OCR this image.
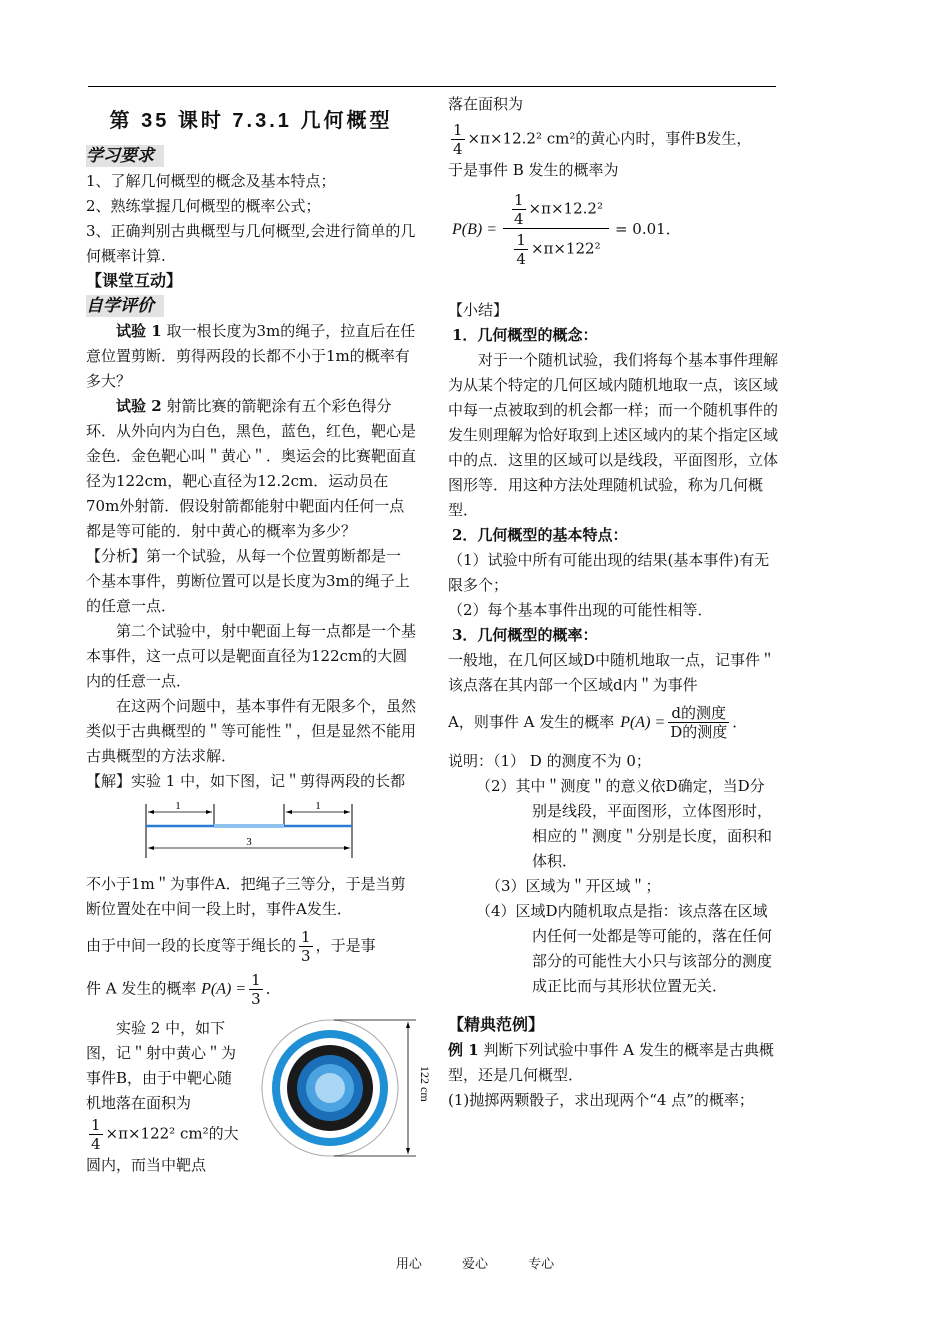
第 35 课时 7.3.1 几何概型
学习要求

1、了解几何概型的概念及基本特点；

2、熟练掌握几何概型的概率公式；

3、正确判别古典概型与几何概型,会进行简单的几何概率计算.

【课堂互动】

自学评价

试验 1 取一根长度为3m的绳子，拉直后在任意位置剪断．剪得两段的长都不小于1m的概率有多大？

试验 2 射箭比赛的箭靶涂有五个彩色得分环．从外向内为白色，黑色，蓝色，红色，靶心是金色．金色靶心叫＂黄心＂．奥运会的比赛靶面直径为122cm，靶心直径为12.2cm．运动员在70m外射箭．假设射箭都能射中靶面内任何一点都是等可能的．射中黄心的概率为多少？

【分析】第一个试验，从每一个位置剪断都是一个基本事件，剪断位置可以是长度为3m的绳子上的任意一点．

第二个试验中，射中靶面上每一点都是一个基本事件，这一点可以是靶面直径为122cm的大圆内的任意一点．

在这两个问题中，基本事件有无限多个，虽然类似于古典概型的＂等可能性＂，但是显然不能用古典概型的方法求解．

【解】实验 1 中，如下图，记＂剪得两段的长都

1	1
3

不小于1m＂为事件A．把绳子三等分，于是当剪断位置处在中间一段上时，事件A发生．

由于中间一段的长度等于绳长的 $\frac{1}{3}$ ，于是事

件 A 发生的概率 $P(A) = \frac{1}{3}$ ．

实验 2 中，如下图，记＂射中黄心＂为事件B，由于中靶心随机地落在面积为

$\frac{1}{4} \times\pi\times 122^2$ cm²的大圆内，而当中靶点

122 cm

落在面积为

$\frac{1}{4} \times\pi\times 12.2^2$ cm²的黄心内时，事件B发生，

于是事件 B 发生的概率为

$P(B) = \frac{\frac{1}{4} \times\pi\times 12.2^2}{\frac{1}{4} \times\pi\times 122^2} = 0.01$．

【小结】

1．几何概型的概念：

对于一个随机试验，我们将每个基本事件理解为从某个特定的几何区域内随机地取一点，该区域中每一点被取到的机会都一样；而一个随机事件的发生则理解为恰好取到上述区域内的某个指定区域中的点．这里的区域可以是线段，平面图形，立体图形等．用这种方法处理随机试验，称为几何概型．

2．几何概型的基本特点：

（1）试验中所有可能出现的结果(基本事件)有无限多个；

（2）每个基本事件出现的可能性相等．

3．几何概型的概率：

一般地，在几何区域D中随机地取一点，记事件＂该点落在其内部一个区域d内＂为事件

A，则事件 A 发生的概率 $P(A) = \frac{\text{d的测度}}{\text{D的测度}}$ ．

说明：（1） D 的测度不为 0；

（2）其中＂测度＂的意义依D确定，当D分别是线段，平面图形，立体图形时，相应的＂测度＂分别是长度，面积和体积．

（3）区域为＂开区域＂；

（4）区域D内随机取点是指：该点落在区域内任何一处都是等可能的，落在任何部分的可能性大小只与该部分的测度成正比而与其形状位置无关．

【精典范例】

例 1 判断下列试验中事件 A 发生的概率是古典概型，还是几何概型．

(1)抛掷两颗骰子，求出现两个“4 点”的概率；

用心	爱心	专心
